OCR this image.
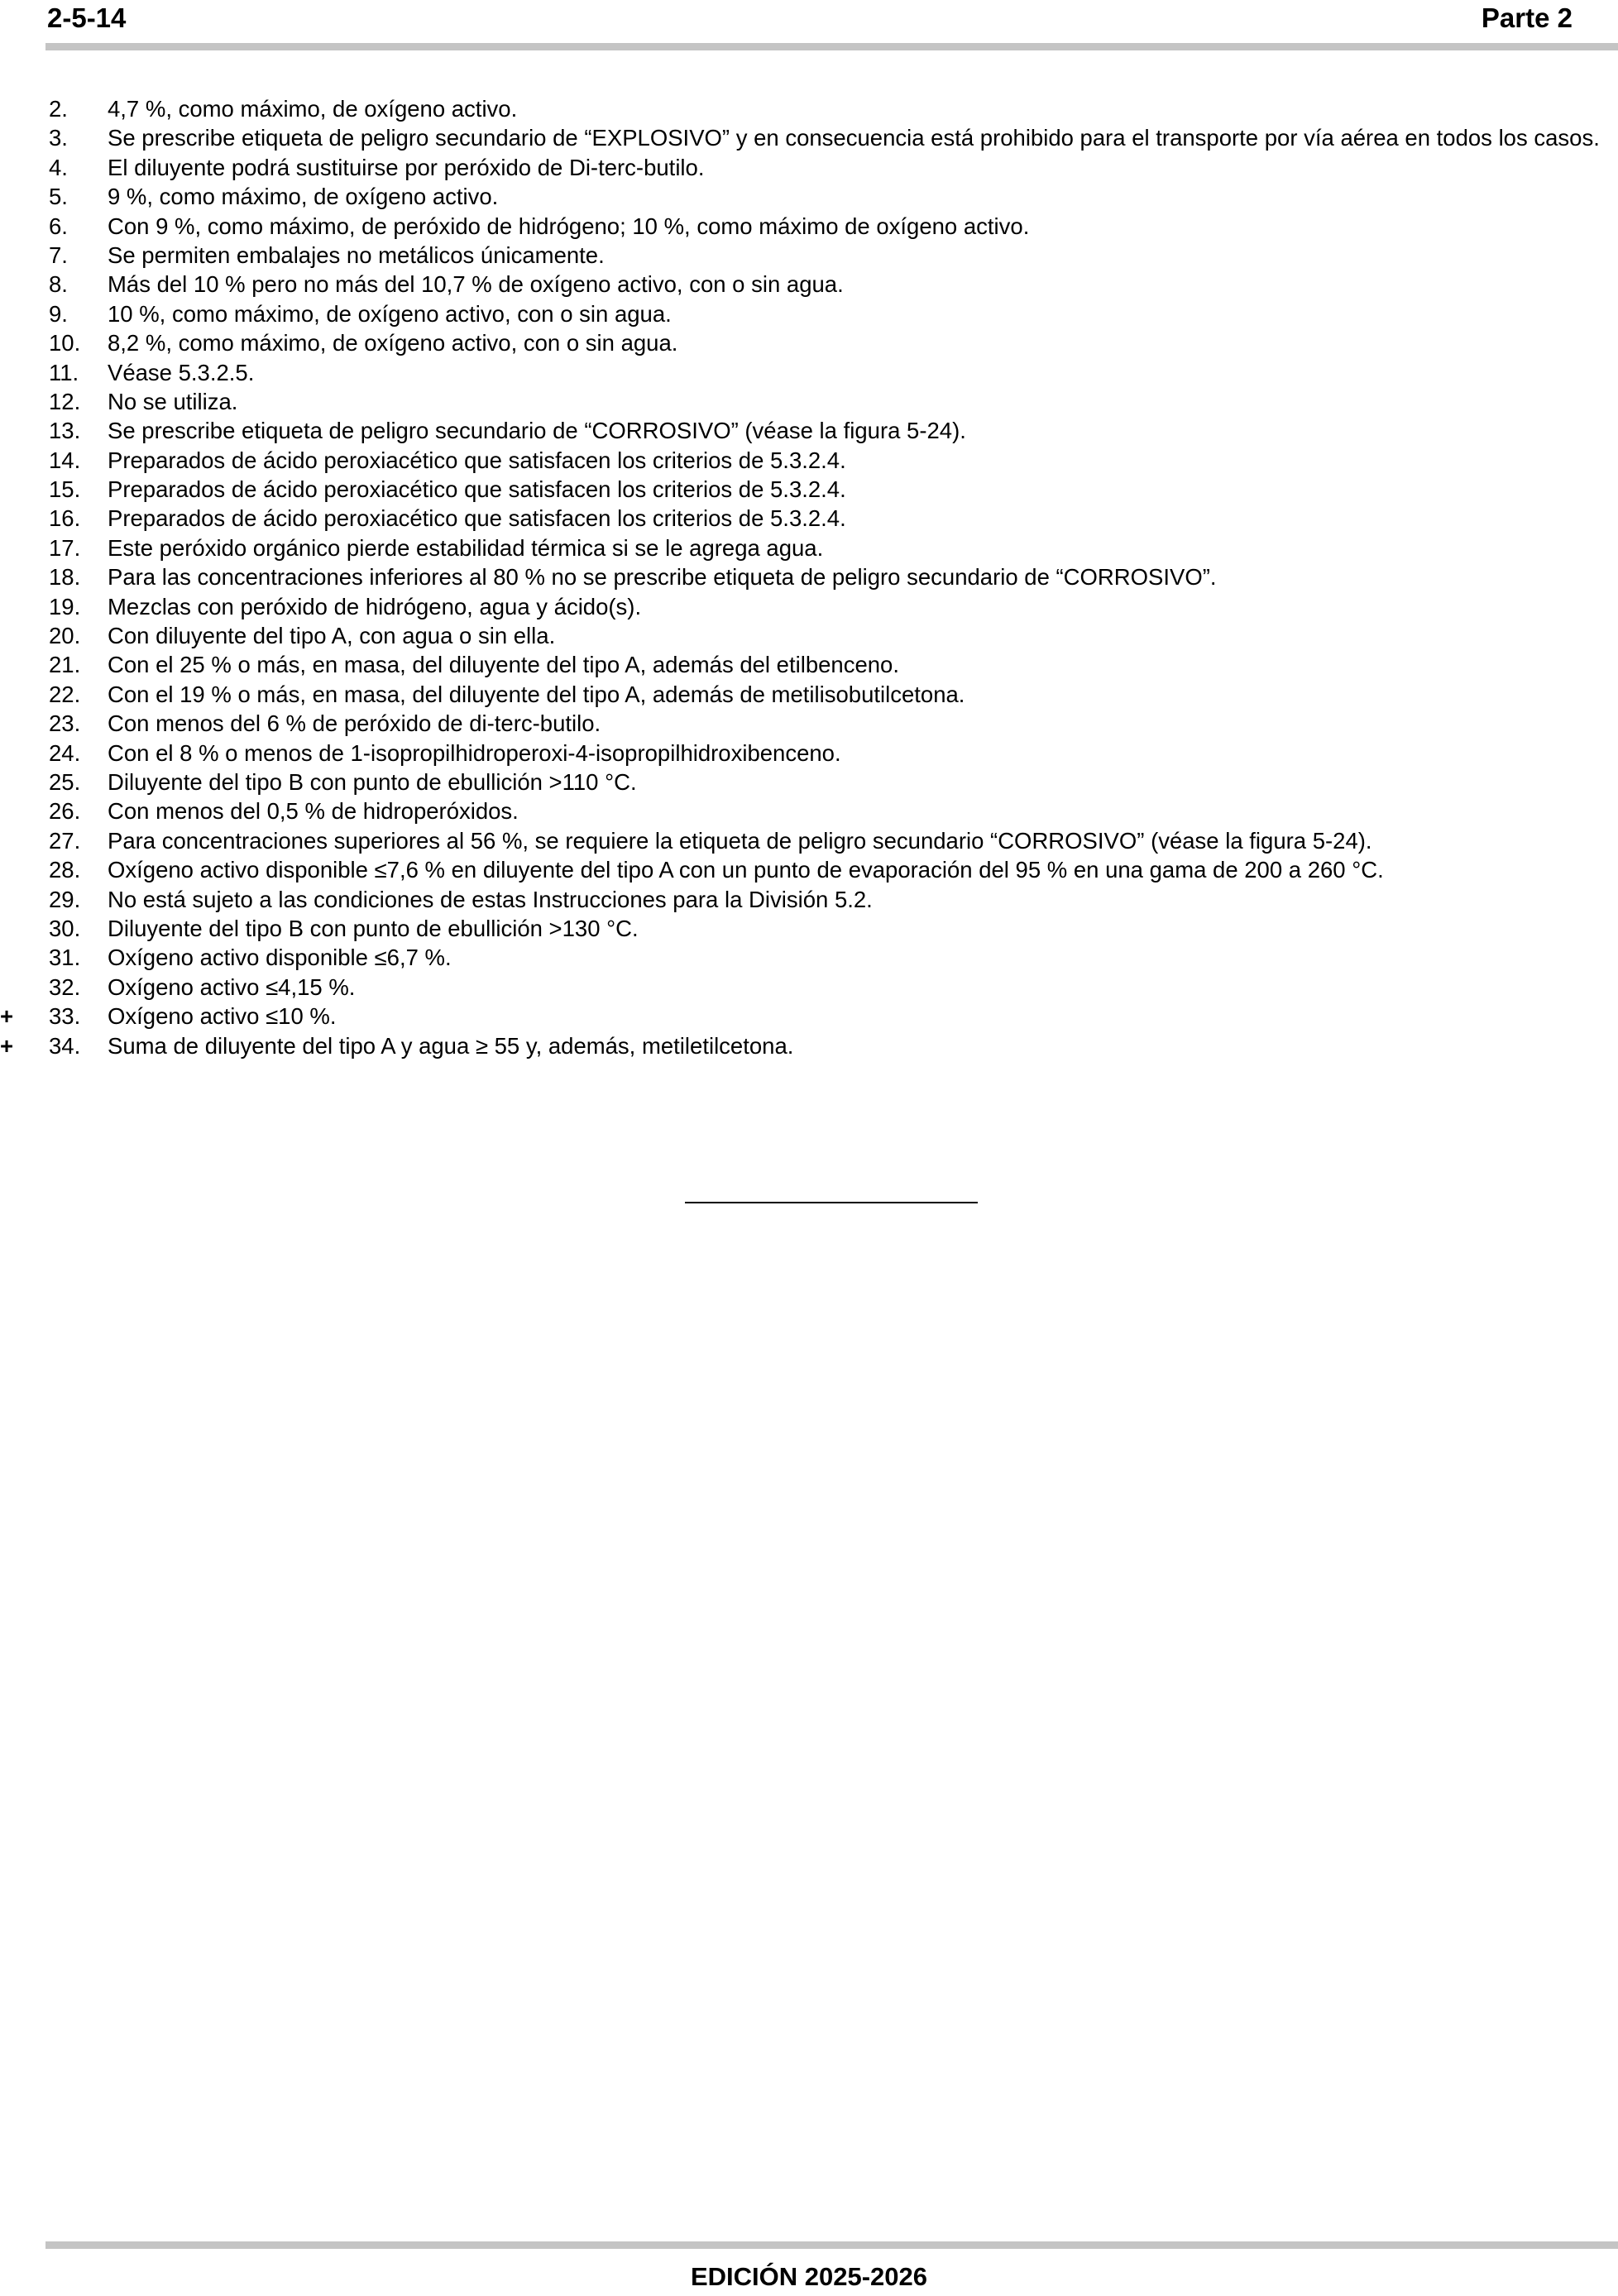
2-5-14	Parte 2
2. 4,7 %, como máximo, de oxígeno activo.
3. Se prescribe etiqueta de peligro secundario de “EXPLOSIVO” y en consecuencia está prohibido para el transporte por vía aérea en todos los casos.
4. El diluyente podrá sustituirse por peróxido de Di-terc-butilo.
5. 9 %, como máximo, de oxígeno activo.
6. Con 9 %, como máximo, de peróxido de hidrógeno; 10 %, como máximo de oxígeno activo.
7. Se permiten embalajes no metálicos únicamente.
8. Más del 10 % pero no más del 10,7 % de oxígeno activo, con o sin agua.
9. 10 %, como máximo, de oxígeno activo, con o sin agua.
10. 8,2 %, como máximo, de oxígeno activo, con o sin agua.
11. Véase 5.3.2.5.
12. No se utiliza.
13. Se prescribe etiqueta de peligro secundario de “CORROSIVO” (véase la figura 5-24).
14. Preparados de ácido peroxiacético que satisfacen los criterios de 5.3.2.4.
15. Preparados de ácido peroxiacético que satisfacen los criterios de 5.3.2.4.
16. Preparados de ácido peroxiacético que satisfacen los criterios de 5.3.2.4.
17. Este peróxido orgánico pierde estabilidad térmica si se le agrega agua.
18. Para las concentraciones inferiores al 80 % no se prescribe etiqueta de peligro secundario de “CORROSIVO”.
19. Mezclas con peróxido de hidrógeno, agua y ácido(s).
20. Con diluyente del tipo A, con agua o sin ella.
21. Con el 25 % o más, en masa, del diluyente del tipo A, además del etilbenceno.
22. Con el 19 % o más, en masa, del diluyente del tipo A, además de metilisobutilcetona.
23. Con menos del 6 % de peróxido de di-terc-butilo.
24. Con el 8 % o menos de 1-isopropilhidroperoxi-4-isopropilhidroxibenceno.
25. Diluyente del tipo B con punto de ebullición >110 °C.
26. Con menos del 0,5 % de hidroperóxidos.
27. Para concentraciones superiores al 56 %, se requiere la etiqueta de peligro secundario “CORROSIVO” (véase la figura 5-24).
28. Oxígeno activo disponible ≤7,6 % en diluyente del tipo A con un punto de evaporación del 95 % en una gama de 200 a 260 °C.
29. No está sujeto a las condiciones de estas Instrucciones para la División 5.2.
30. Diluyente del tipo B con punto de ebullición >130 °C.
31. Oxígeno activo disponible ≤6,7 %.
32. Oxígeno activo ≤4,15 %.
+	33. Oxígeno activo ≤10 %.
+	34. Suma de diluyente del tipo A y agua ≥ 55 y, además, metiletilcetona.
EDICIÓN 2025-2026
